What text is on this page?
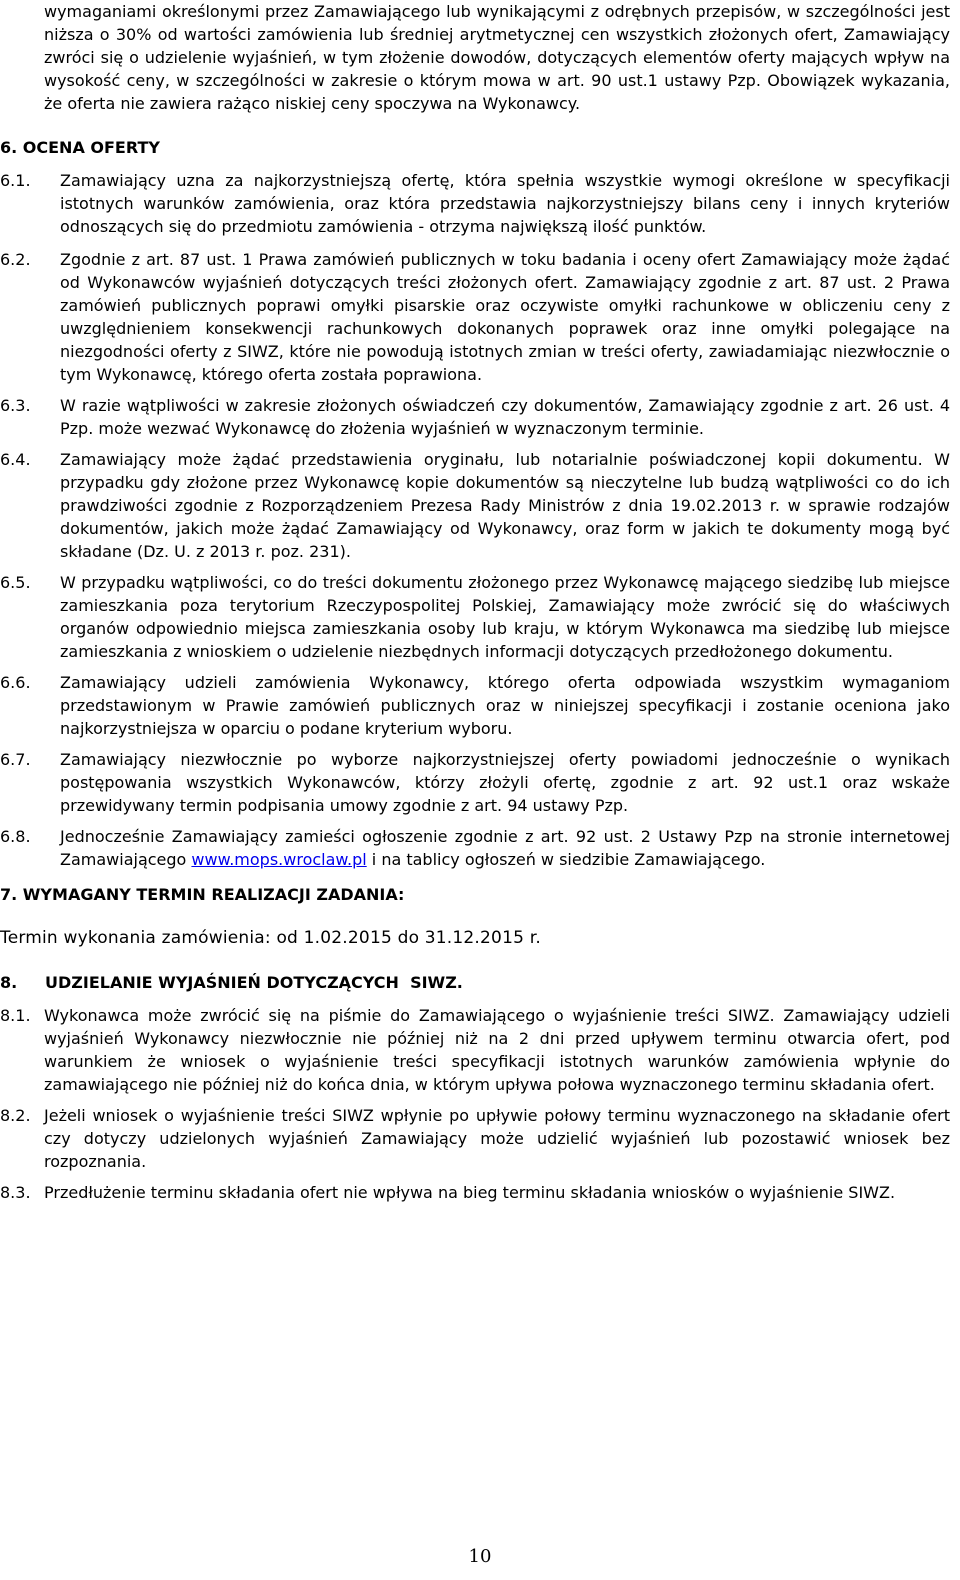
wymaganiami określonymi przez Zamawiającego lub wynikającymi z odrębnych przepisów, w szczególności jest niższa o 30% od wartości zamówienia lub średniej arytmetycznej cen wszystkich złożonych ofert, Zamawiający zwróci się o udzielenie wyjaśnień, w tym złożenie dowodów, dotyczących elementów oferty mających wpływ na wysokość ceny, w szczególności w zakresie o którym mowa w art. 90 ust.1 ustawy Pzp. Obowiązek wykazania, że oferta nie zawiera rażąco niskiej ceny spoczywa na Wykonawcy.

6. OCENA OFERTY

6.1.	Zamawiający uzna za najkorzystniejszą ofertę, która spełnia wszystkie wymogi określone w specyfikacji istotnych warunków zamówienia, oraz która przedstawia najkorzystniejszy bilans ceny i innych kryteriów odnoszących się do przedmiotu zamówienia - otrzyma największą ilość punktów.
6.2.	Zgodnie z art. 87 ust. 1 Prawa zamówień publicznych w toku badania i oceny ofert Zamawiający może żądać od Wykonawców wyjaśnień dotyczących treści złożonych ofert. Zamawiający zgodnie z art. 87 ust. 2 Prawa zamówień publicznych poprawi omyłki pisarskie oraz oczywiste omyłki rachunkowe w obliczeniu ceny z uwzględnieniem konsekwencji rachunkowych dokonanych poprawek oraz inne omyłki polegające na niezgodności oferty z SIWZ, które nie powodują istotnych zmian w treści oferty, zawiadamiając niezwłocznie o tym Wykonawcę, którego oferta została poprawiona.
6.3.	W razie wątpliwości w zakresie złożonych oświadczeń czy dokumentów, Zamawiający zgodnie z art. 26 ust. 4 Pzp. może wezwać Wykonawcę do złożenia wyjaśnień w wyznaczonym terminie.
6.4.	Zamawiający może żądać przedstawienia oryginału, lub notarialnie poświadczonej kopii dokumentu. W przypadku gdy złożone przez Wykonawcę kopie dokumentów są nieczytelne lub budzą wątpliwości co do ich prawdziwości zgodnie z Rozporządzeniem Prezesa Rady Ministrów z dnia 19.02.2013 r. w sprawie rodzajów dokumentów, jakich może żądać Zamawiający od Wykonawcy, oraz form w jakich te dokumenty mogą być składane (Dz. U. z 2013 r. poz. 231).
6.5.	W przypadku wątpliwości, co do treści dokumentu złożonego przez Wykonawcę mającego siedzibę lub miejsce zamieszkania poza terytorium Rzeczypospolitej Polskiej, Zamawiający może zwrócić się do właściwych organów odpowiednio miejsca zamieszkania osoby lub kraju, w którym Wykonawca ma siedzibę lub miejsce zamieszkania z wnioskiem o udzielenie niezbędnych informacji dotyczących przedłożonego dokumentu.
6.6.	Zamawiający udzieli zamówienia Wykonawcy, którego oferta odpowiada wszystkim wymaganiom przedstawionym w Prawie zamówień publicznych oraz w niniejszej specyfikacji i zostanie oceniona jako najkorzystniejsza w oparciu o podane kryterium wyboru.
6.7.	Zamawiający niezwłocznie po wyborze najkorzystniejszej oferty powiadomi jednocześnie o wynikach postępowania wszystkich Wykonawców, którzy złożyli ofertę, zgodnie z art. 92 ust.1 oraz wskaże przewidywany termin podpisania umowy zgodnie z art. 94 ustawy Pzp.
6.8.	Jednocześnie Zamawiający zamieści ogłoszenie zgodnie z art. 92 ust. 2 Ustawy Pzp na stronie internetowej Zamawiającego www.mops.wroclaw.pl i na tablicy ogłoszeń w siedzibie Zamawiającego.

7. WYMAGANY TERMIN REALIZACJI ZADANIA:

Termin wykonania zamówienia: od 1.02.2015 do 31.12.2015 r.

8.	UDZIELANIE WYJAŚNIEŃ DOTYCZĄCYCH  SIWZ.
8.1. Wykonawca może zwrócić się na piśmie do Zamawiającego o wyjaśnienie treści SIWZ. Zamawiający udzieli wyjaśnień Wykonawcy niezwłocznie nie później niż na 2 dni przed upływem terminu otwarcia ofert, pod warunkiem że wniosek o wyjaśnienie treści specyfikacji istotnych warunków zamówienia wpłynie do zamawiającego nie później niż do końca dnia, w którym upływa połowa wyznaczonego terminu składania ofert.
8.2. Jeżeli wniosek o wyjaśnienie treści SIWZ wpłynie po upływie połowy terminu wyznaczonego na składanie ofert czy dotyczy udzielonych wyjaśnień Zamawiający może udzielić wyjaśnień lub pozostawić wniosek bez rozpoznania.
8.3. Przedłużenie terminu składania ofert nie wpływa na bieg terminu składania wniosków o wyjaśnienie SIWZ.
10
